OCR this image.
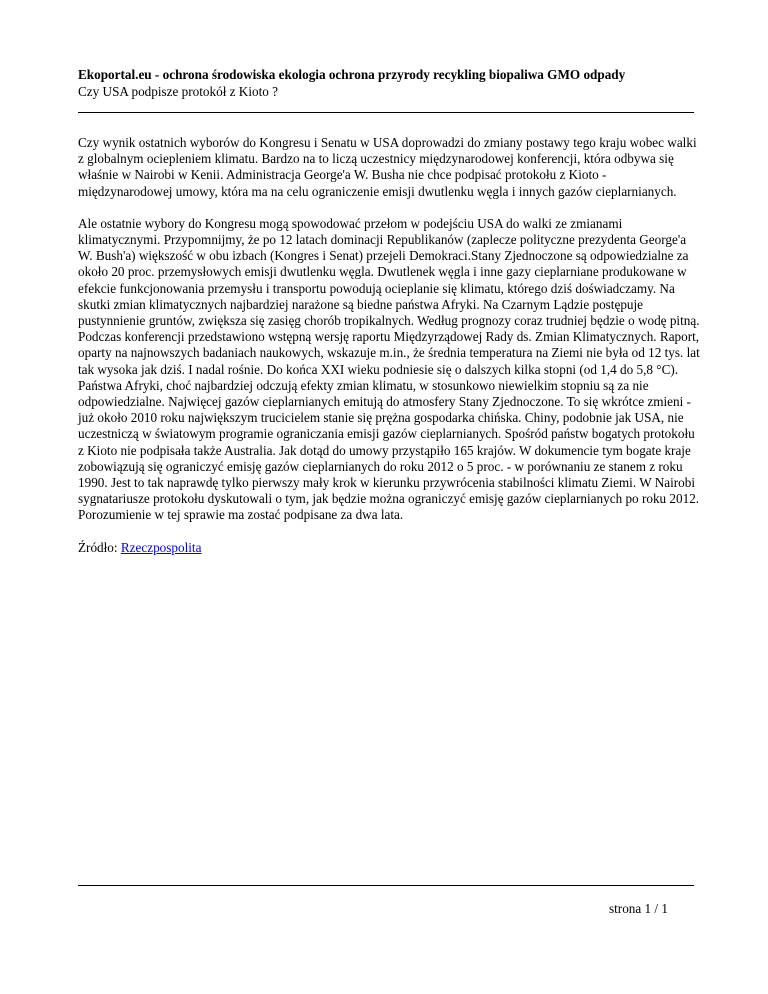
Ekoportal.eu - ochrona środowiska ekologia ochrona przyrody recykling biopaliwa GMO odpady

Czy USA podpisze protokół z Kioto ?

Czy wynik ostatnich wyborów do Kongresu i Senatu w USA doprowadzi do zmiany postawy tego kraju wobec walki z globalnym ociepleniem klimatu. Bardzo na to liczą uczestnicy międzynarodowej konferencji, która odbywa się właśnie w Nairobi w Kenii. Administracja George'a W. Busha nie chce podpisać protokołu z Kioto - międzynarodowej umowy, która ma na celu ograniczenie emisji dwutlenku węgla i innych gazów cieplarnianych.

Ale ostatnie wybory do Kongresu mogą spowodować przełom w podejściu USA do walki ze zmianami klimatycznymi. Przypomnijmy, że po 12 latach dominacji Republikanów (zaplecze polityczne prezydenta George'a W. Bush'a) większość w obu izbach (Kongres i Senat) przejeli Demokraci.Stany Zjednoczone są odpowiedzialne za około 20 proc. przemysłowych emisji dwutlenku węgla. Dwutlenek węgla i inne gazy cieplarniane produkowane w efekcie funkcjonowania przemysłu i transportu powodują ocieplanie się klimatu, którego dziś doświadczamy. Na skutki zmian klimatycznych najbardziej narażone są biedne państwa Afryki. Na Czarnym Lądzie postępuje pustynnienie gruntów, zwiększa się zasięg chorób tropikalnych. Według prognozy coraz trudniej będzie o wodę pitną. Podczas konferencji przedstawiono wstępną wersję raportu Międzyrządowej Rady ds. Zmian Klimatycznych. Raport, oparty na najnowszych badaniach naukowych, wskazuje m.in., że średnia temperatura na Ziemi nie była od 12 tys. lat tak wysoka jak dziś. I nadal rośnie. Do końca XXI wieku podniesie się o dalszych kilka stopni (od 1,4 do 5,8 °C). Państwa Afryki, choć najbardziej odczują efekty zmian klimatu, w stosunkowo niewielkim stopniu są za nie odpowiedzialne. Najwięcej gazów cieplarnianych emitują do atmosfery Stany Zjednoczone. To się wkrótce zmieni - już około 2010 roku największym trucicielem stanie się prężna gospodarka chińska. Chiny, podobnie jak USA, nie uczestniczą w światowym programie ograniczania emisji gazów cieplarnianych. Spośród państw bogatych protokołu z Kioto nie podpisała także Australia. Jak dotąd do umowy przystąpiło 165 krajów. W dokumencie tym bogate kraje zobowiązują się ograniczyć emisję gazów cieplarnianych do roku 2012 o 5 proc. - w porównaniu ze stanem z roku 1990. Jest to tak naprawdę tylko pierwszy mały krok w kierunku przywrócenia stabilności klimatu Ziemi. W Nairobi sygnatariusze protokołu dyskutowali o tym, jak będzie można ograniczyć emisję gazów cieplarnianych po roku 2012. Porozumienie w tej sprawie ma zostać podpisane za dwa lata.

Źródło: Rzeczpospolita

strona 1 / 1
